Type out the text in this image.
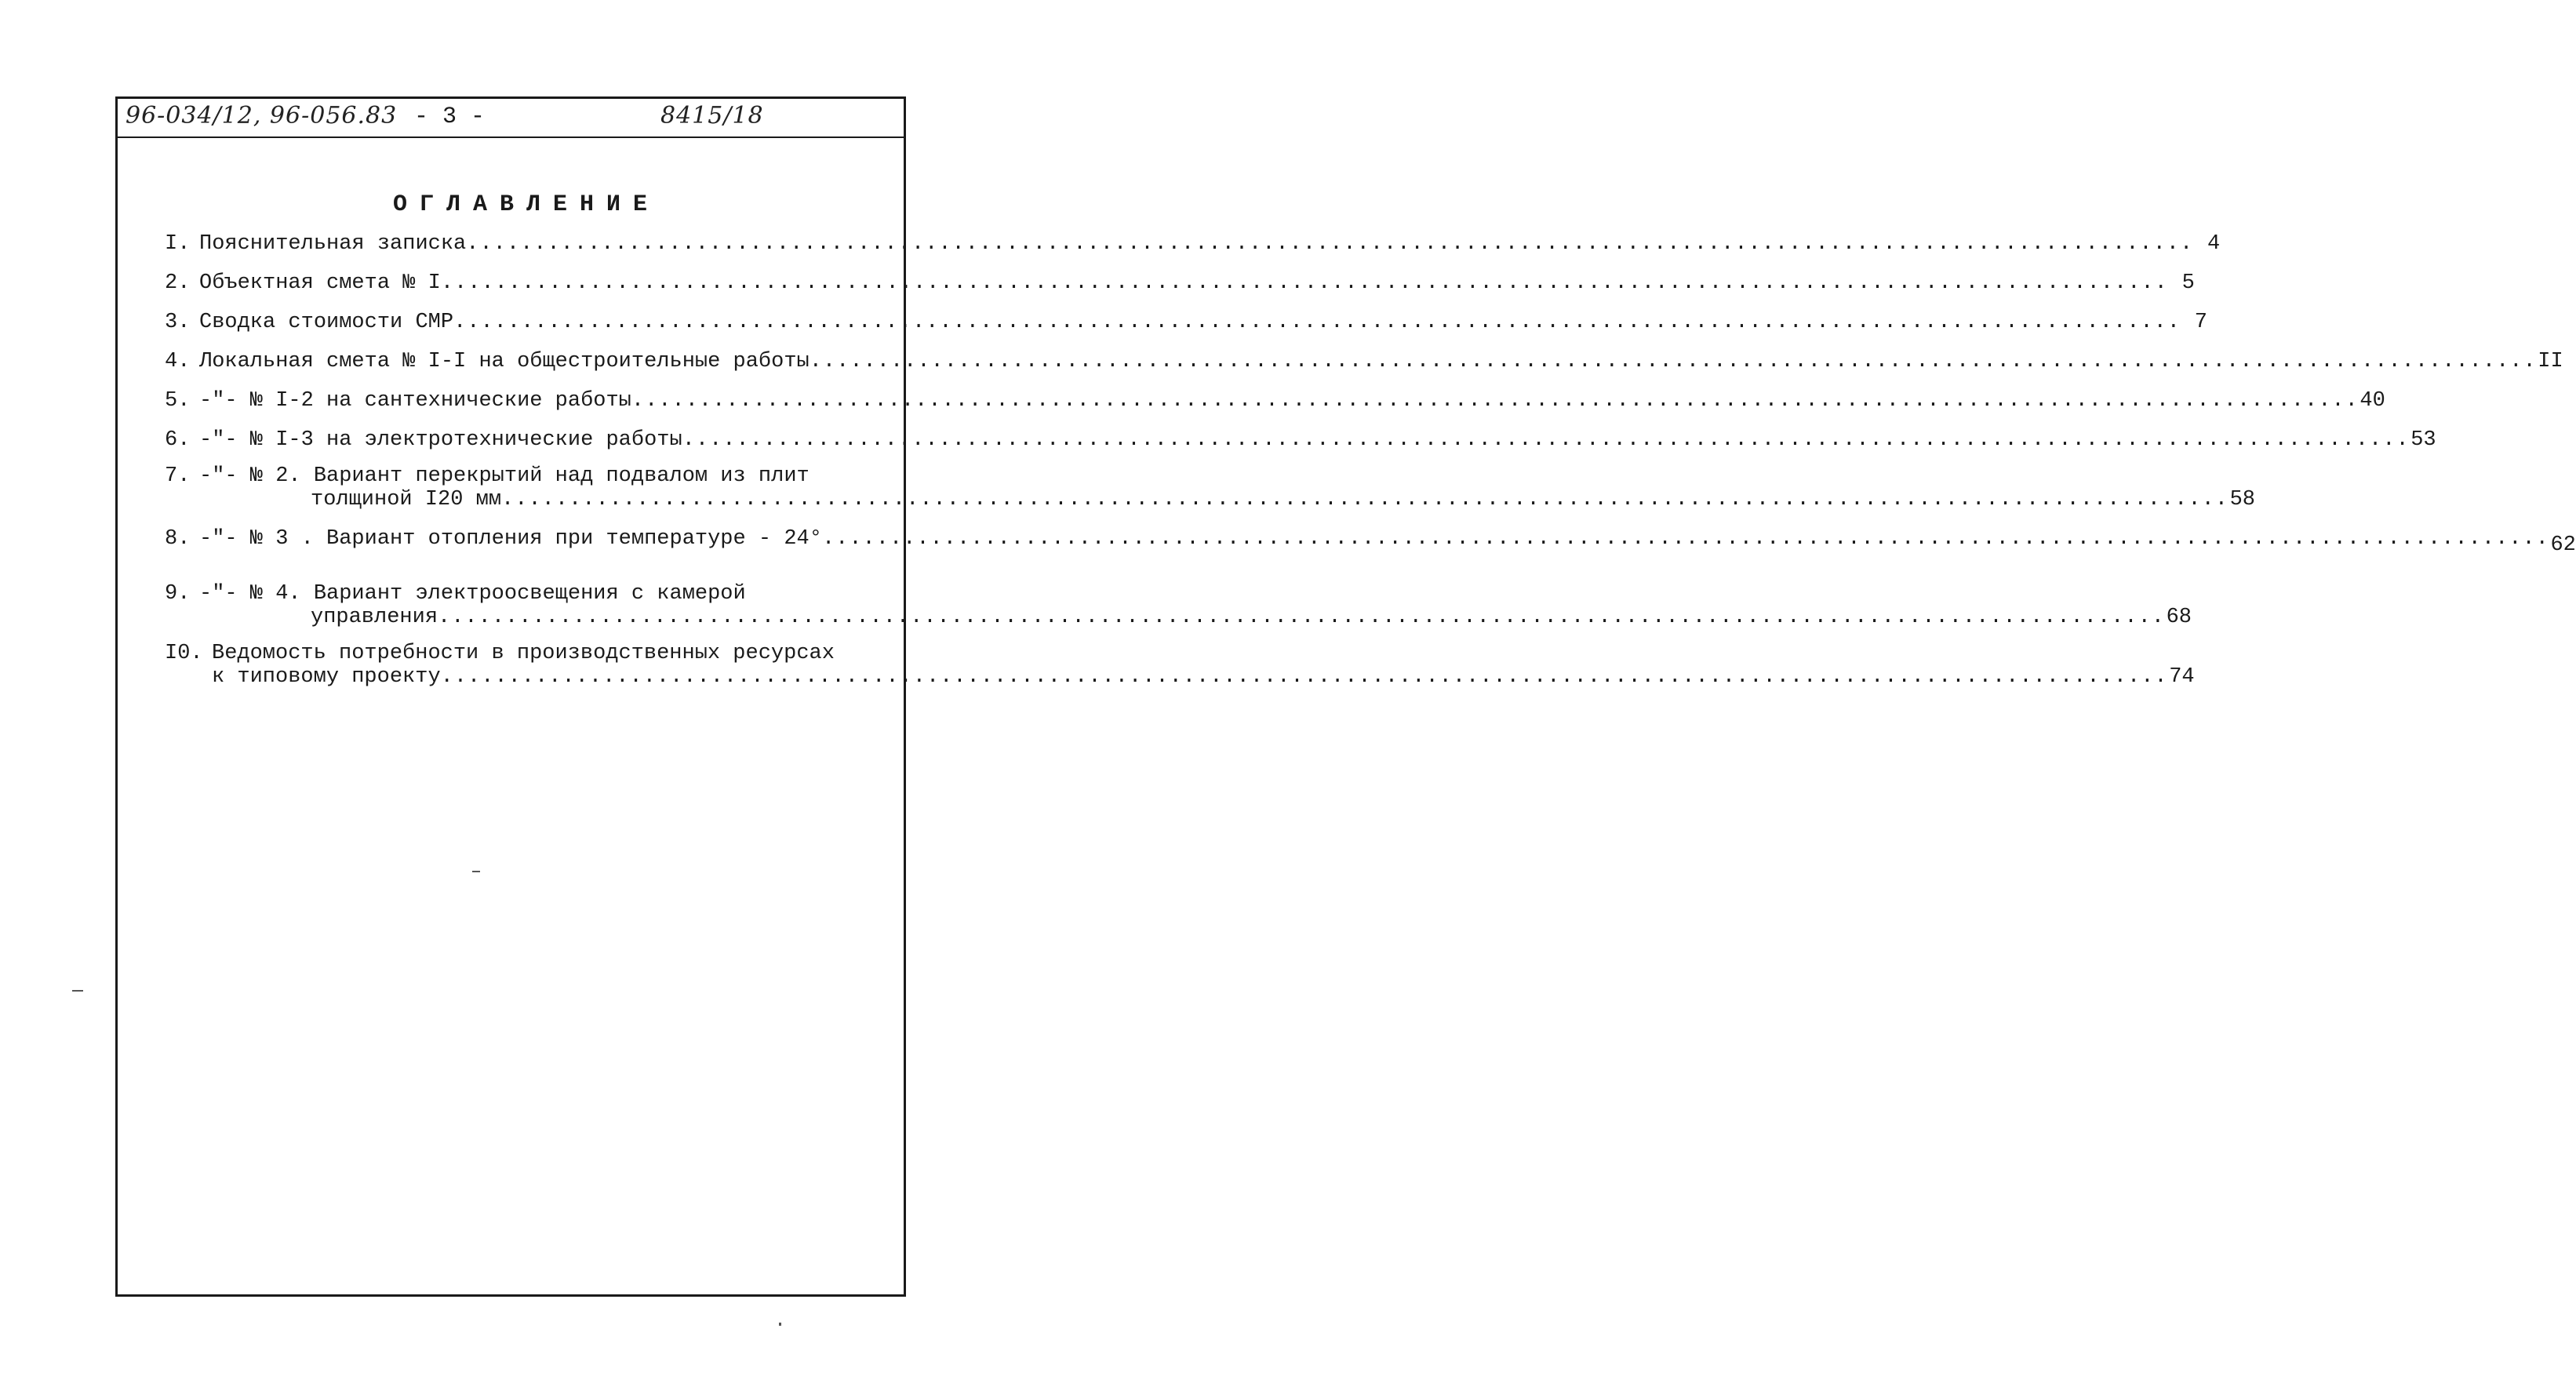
96-034/12, 96-056.83 - 3 -	8415/18
ОГЛАВЛЕНИЕ
I. Пояснительная записка .....	4
2. Объектная смета № I .....	5
3. Сводка стоимости СМР .....	7
4. Локальная смета № I-I на общестроительные работы .....	II
5. -"- № I-2 на сантехнические работы .....	40
6. -"- № I-3 на электротехнические работы .....	53
7. -"- № 2. Вариант перекрытий над подвалом из плит
толщиной I20 мм .....	58
8. -"- № 3 . Вариант отопления при температуре - 24° .....	62
9. -"- № 4. Вариант электроосвещения с камерой
управления .....	68
I0. Ведомость потребности в производственных ресурсах
к типовому проекту .....	74
